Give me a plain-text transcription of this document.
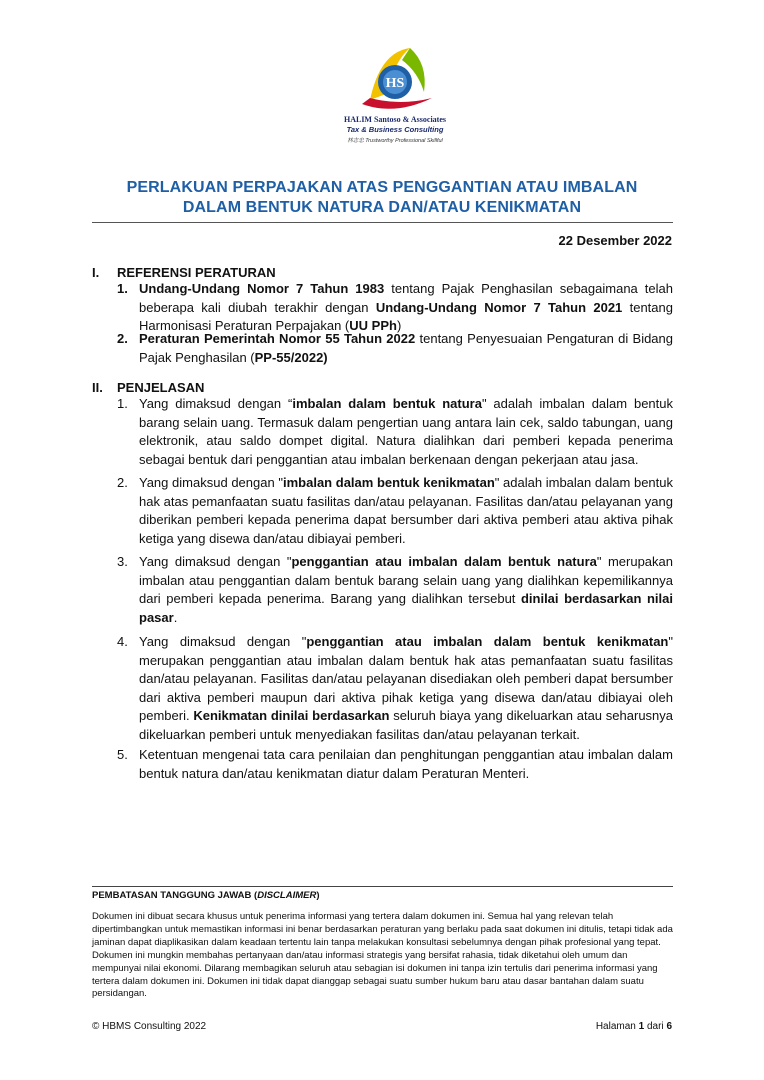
HS
HALIM Santoso & Associates
Tax & Business Consulting
林志忠 Trustworthy Professional Skillful
PERLAKUAN PERPAJAKAN ATAS PENGGANTIAN ATAU IMBALAN
DALAM BENTUK NATURA DAN/ATAU KENIKMATAN
22 Desember 2022
I. REFERENSI PERATURAN
1. Undang-Undang Nomor 7 Tahun 1983 tentang Pajak Penghasilan sebagaimana telah beberapa kali diubah terakhir dengan Undang-Undang Nomor 7 Tahun 2021 tentang Harmonisasi Peraturan Perpajakan (UU PPh)
2. Peraturan Pemerintah Nomor 55 Tahun 2022 tentang Penyesuaian Pengaturan di Bidang Pajak Penghasilan (PP-55/2022)
II. PENJELASAN
1. Yang dimaksud dengan “imbalan dalam bentuk natura" adalah imbalan dalam bentuk barang selain uang. Termasuk dalam pengertian uang antara lain cek, saldo tabungan, uang elektronik, atau saldo dompet digital. Natura dialihkan dari pemberi kepada penerima sebagai bentuk dari penggantian atau imbalan berkenaan dengan pekerjaan atau jasa.
2. Yang dimaksud dengan "imbalan dalam bentuk kenikmatan" adalah imbalan dalam bentuk hak atas pemanfaatan suatu fasilitas dan/atau pelayanan. Fasilitas dan/atau pelayanan yang diberikan pemberi kepada penerima dapat bersumber dari aktiva pemberi atau aktiva pihak ketiga yang disewa dan/atau dibiayai pemberi.
3. Yang dimaksud dengan "penggantian atau imbalan dalam bentuk natura" merupakan imbalan atau penggantian dalam bentuk barang selain uang yang dialihkan kepemilikannya dari pemberi kepada penerima. Barang yang dialihkan tersebut dinilai berdasarkan nilai pasar.
4. Yang dimaksud dengan "penggantian atau imbalan dalam bentuk kenikmatan" merupakan penggantian atau imbalan dalam bentuk hak atas pemanfaatan suatu fasilitas dan/atau pelayanan. Fasilitas dan/atau pelayanan disediakan oleh pemberi dapat bersumber dari aktiva pemberi maupun dari aktiva pihak ketiga yang disewa dan/atau dibiayai oleh pemberi. Kenikmatan dinilai berdasarkan seluruh biaya yang dikeluarkan atau seharusnya dikeluarkan pemberi untuk menyediakan fasilitas dan/atau pelayanan terkait.
5. Ketentuan mengenai tata cara penilaian dan penghitungan penggantian atau imbalan dalam bentuk natura dan/atau kenikmatan diatur dalam Peraturan Menteri.
PEMBATASAN TANGGUNG JAWAB (DISCLAIMER)
Dokumen ini dibuat secara khusus untuk penerima informasi yang tertera dalam dokumen ini. Semua hal yang relevan telah dipertimbangkan untuk memastikan informasi ini benar berdasarkan peraturan yang berlaku pada saat dokumen ini ditulis, tetapi tidak ada jaminan dapat diaplikasikan dalam keadaan tertentu lain tanpa melakukan konsultasi sebelumnya dengan pihak profesional yang tepat. Dokumen ini mungkin membahas pertanyaan dan/atau informasi strategis yang bersifat rahasia, tidak diketahui oleh umum dan mempunyai nilai ekonomi. Dilarang membagikan seluruh atau sebagian isi dokumen ini tanpa izin tertulis dari penerima informasi yang tertera dalam dokumen ini. Dokumen ini tidak dapat dianggap sebagai suatu sumber hukum baru atau dasar bantahan dalam suatu persidangan.
© HBMS Consulting 2022	Halaman 1 dari 6
